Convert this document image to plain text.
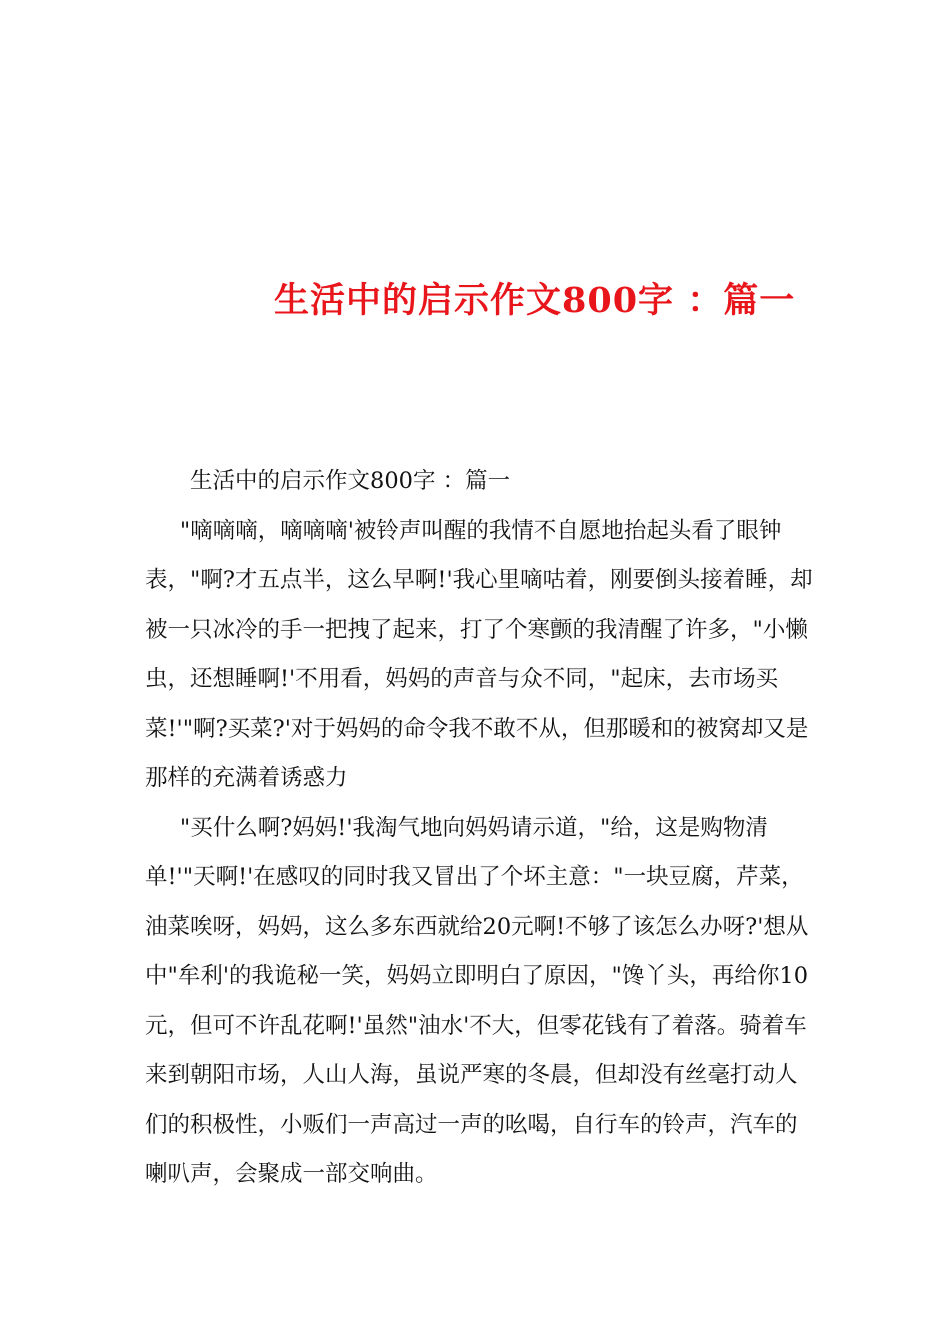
生活中的启示作文800字 ：篇一

生活中的启示作文800字 ：篇一

"嘀嘀嘀，嘀嘀嘀'被铃声叫醒的我情不自愿地抬起头看了眼钟表，"啊?才五点半，这么早啊!'我心里嘀咕着，刚要倒头接着睡，却被一只冰冷的手一把拽了起来，打了个寒颤的我清醒了许多，"小懒虫，还想睡啊!'不用看，妈妈的声音与众不同，"起床，去市场买菜!'"啊?买菜?'对于妈妈的命令我不敢不从，但那暖和的被窝却又是那样的充满着诱惑力

"买什么啊?妈妈!'我淘气地向妈妈请示道，"给，这是购物清单!'"天啊!'在感叹的同时我又冒出了个坏主意："一块豆腐，芹菜，油菜唉呀，妈妈，这么多东西就给20元啊!不够了该怎么办呀?'想从中"牟利'的我诡秘一笑，妈妈立即明白了原因，"馋丫头，再给你10元，但可不许乱花啊!'虽然"油水'不大，但零花钱有了着落。骑着车来到朝阳市场，人山人海，虽说严寒的冬晨，但却没有丝毫打动人们的积极性，小贩们一声高过一声的吆喝，自行车的铃声，汽车的喇叭声，会聚成一部交响曲。
